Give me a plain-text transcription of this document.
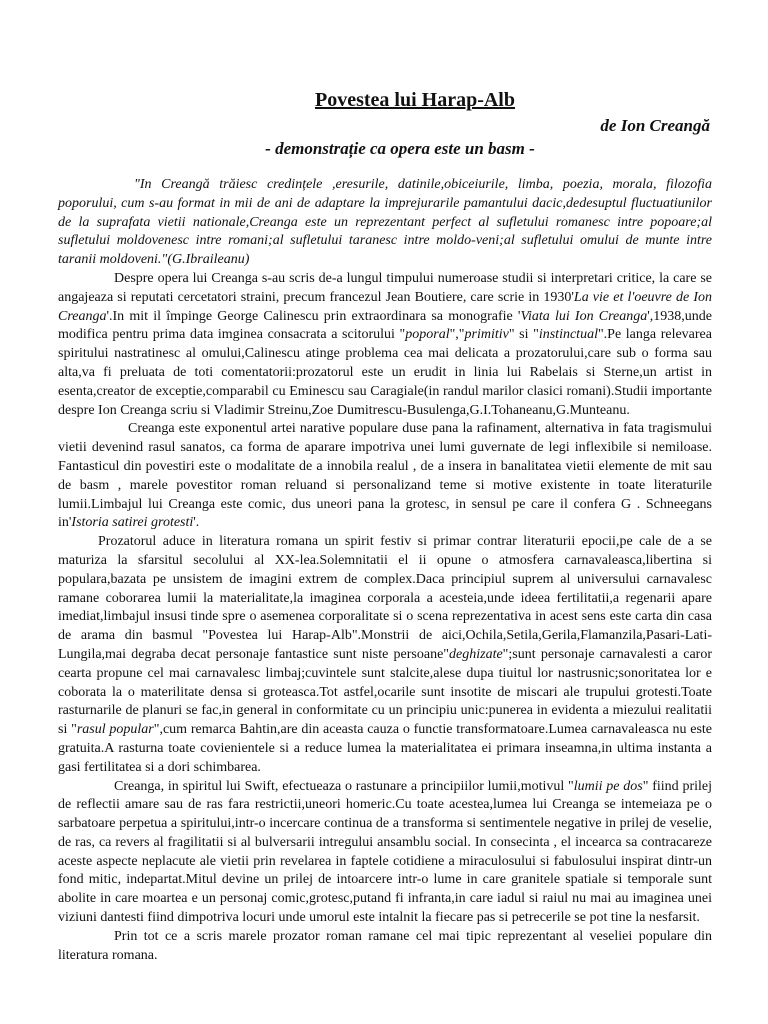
Povestea lui Harap-Alb
de Ion Creangă
- demonstrație ca opera este un basm -

"In Creangă trăiesc credințele ,eresurile, datinile,obiceiurile, limba, poezia, morala, filozofia poporului, cum s-au format in mii de ani de adaptare la imprejurarile pamantului dacic,dedesuptul fluctuatiunilor de la suprafata vietii nationale,Creanga este un reprezentant perfect al sufletului romanesc intre popoare;al sufletului moldovenesc intre romani;al sufletului taranesc intre moldo-veni;al sufletului omului de munte intre taranii moldoveni."(G.Ibraileanu)

Despre opera lui Creanga s-au scris de-a lungul timpului numeroase studii si interpretari critice, la care se angajeaza si reputati cercetatori straini, precum francezul Jean Boutiere, care scrie in 1930'La vie et l'oeuvre de Ion Creanga'.In mit il împinge George Calinescu prin extraordinara sa monografie 'Viata lui Ion Creanga',1938,unde modifica pentru prima data imginea consacrata a scitorului "poporal","primitiv" si "instinctual".Pe langa relevarea spiritului nastratinesc al omului,Calinescu atinge problema cea mai delicata a prozatorului,care sub o forma sau alta,va fi preluata de toti comentatorii:prozatorul este un erudit in linia lui Rabelais si Sterne,un artist in esenta,creator de exceptie,comparabil cu Eminescu sau Caragiale(in randul marilor clasici romani).Studii importante despre Ion Creanga scriu si Vladimir Streinu,Zoe Dumitrescu-Busulenga,G.I.Tohaneanu,G.Munteanu.

Creanga este exponentul artei narative populare duse pana la rafinament, alternativa in fata tragismului vietii devenind rasul sanatos, ca forma de aparare impotriva unei lumi guvernate de legi inflexibile si nemiloase. Fantasticul din povestiri este o modalitate de a innobila realul , de a insera in banalitatea vietii elemente de mit sau de basm , marele povestitor roman reluand si personalizand teme si motive existente in toate literaturile lumii.Limbajul lui Creanga este comic, dus uneori pana la grotesc, in sensul pe care il confera G . Schneegans in'Istoria satirei grotesti'.

Prozatorul aduce in literatura romana un spirit festiv si primar contrar literaturii epocii,pe cale de a se maturiza la sfarsitul secolului al XX-lea.Solemnitatii el ii opune o atmosfera carnavaleasca,libertina si populara,bazata pe unsistem de imagini extrem de complex.Daca principiul suprem al universului carnavalesc ramane coborarea lumii la materialitate,la imaginea corporala a acesteia,unde ideea fertilitatii,a regenarii apare imediat,limbajul insusi tinde spre o asemenea corporalitate si o scena reprezentativa in acest sens este carta din casa de arama din basmul "Povestea lui Harap-Alb".Monstrii de aici,Ochila,Setila,Gerila,Flamanzila,Pasari-Lati-Lungila,mai degraba decat personaje fantastice sunt niste persoane"deghizate";sunt personaje carnavalesti a caror cearta propune cel mai carnavalesc limbaj;cuvintele sunt stalcite,alese dupa tiuitul lor nastrusnic;sonoritatea lor e coborata la o materilitate densa si groteasca.Tot astfel,ocarile sunt insotite de miscari ale trupului grotesti.Toate rasturnarile de planuri se fac,in general in conformitate cu un principiu unic:punerea in evidenta a miezului realitatii si "rasul popular",cum remarca Bahtin,are din aceasta cauza o functie transformatoare.Lumea carnavaleasca nu este gratuita.A rasturna toate covienientele si a reduce lumea la materialitatea ei primara inseamna,in ultima instanta a gasi fertilitatea si a dori schimbarea.

Creanga, in spiritul lui Swift, efectueaza o rastunare a principiilor lumii,motivul "lumii pe dos" fiind prilej de reflectii amare sau de ras fara restrictii,uneori homeric.Cu toate acestea,lumea lui Creanga se intemeiaza pe o sarbatoare perpetua a spiritului,intr-o incercare continua de a transforma si sentimentele negative in prilej de veselie, de ras, ca revers al fragilitatii si al bulversarii intregului ansamblu social. In consecinta , el incearca sa contracareze aceste aspecte neplacute ale vietii prin revelarea in faptele cotidiene a miraculosului si fabulosului inspirat dintr-un fond mitic, indepartat.Mitul devine un prilej de intoarcere intr-o lume in care granitele spatiale si temporale sunt abolite in care moartea e un personaj comic,grotesc,putand fi infranta,in care iadul si raiul nu mai au imaginea unei viziuni dantesti fiind dimpotriva locuri unde umorul este intalnit la fiecare pas si petrecerile se pot tine la nesfarsit.

Prin tot ce a scris marele prozator roman ramane cel mai tipic reprezentant al veseliei populare din literatura romana.
